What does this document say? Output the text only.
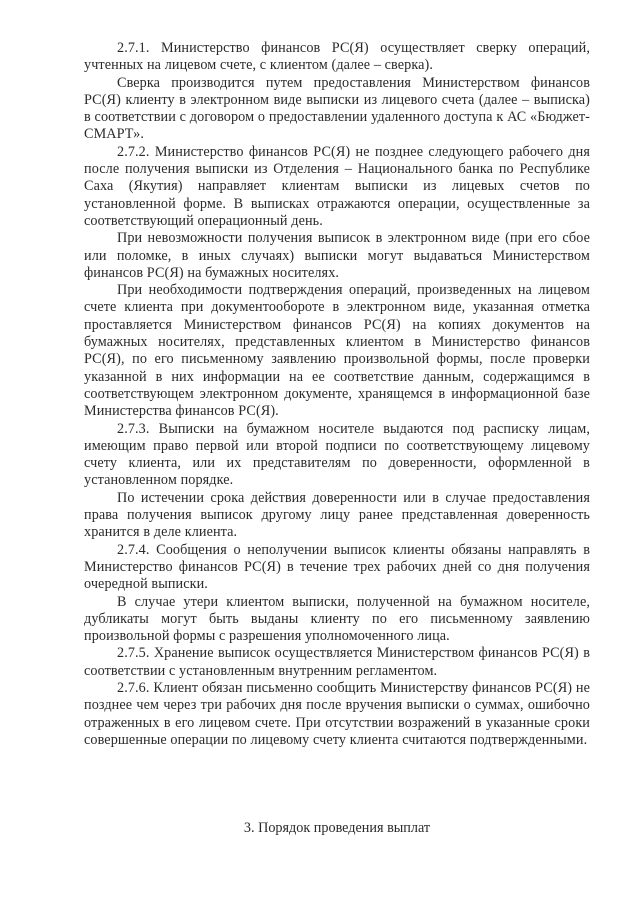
2.7.1. Министерство финансов РС(Я) осуществляет сверку операций, учтенных на лицевом счете, с клиентом (далее – сверка).

Сверка производится путем предоставления Министерством финансов РС(Я) клиенту в электронном виде выписки из лицевого счета (далее – выписка) в соответствии с договором о предоставлении удаленного доступа к АС «Бюджет-СМАРТ».

2.7.2. Министерство финансов РС(Я) не позднее следующего рабочего дня после получения выписки из Отделения – Национального банка по Республике Саха (Якутия) направляет клиентам выписки из лицевых счетов по установленной форме. В выписках отражаются операции, осуществленные за соответствующий операционный день.

При невозможности получения выписок в электронном виде (при его сбое или поломке, в иных случаях) выписки могут выдаваться Министерством финансов РС(Я) на бумажных носителях.

При необходимости подтверждения операций, произведенных на лицевом счете клиента при документообороте в электронном виде, указанная отметка проставляется Министерством финансов РС(Я) на копиях документов на бумажных носителях, представленных клиентом в Министерство финансов РС(Я), по его письменному заявлению произвольной формы, после проверки указанной в них информации на ее соответствие данным, содержащимся в соответствующем электронном документе, хранящемся в информационной базе Министерства финансов РС(Я).

2.7.3. Выписки на бумажном носителе выдаются под расписку лицам, имеющим право первой или второй подписи по соответствующему лицевому счету клиента, или их представителям по доверенности, оформленной в установленном порядке.

По истечении срока действия доверенности или в случае предоставления права получения выписок другому лицу ранее представленная доверенность хранится в деле клиента.

2.7.4. Сообщения о неполучении выписок клиенты обязаны направлять в Министерство финансов РС(Я) в течение трех рабочих дней со дня получения очередной выписки.

В случае утери клиентом выписки, полученной на бумажном носителе, дубликаты могут быть выданы клиенту по его письменному заявлению произвольной формы с разрешения уполномоченного лица.

2.7.5. Хранение выписок осуществляется Министерством финансов РС(Я) в соответствии с установленным внутренним регламентом.

2.7.6. Клиент обязан письменно сообщить Министерству финансов РС(Я) не позднее чем через три рабочих дня после вручения выписки о суммах, ошибочно отраженных в его лицевом счете. При отсутствии возражений в указанные сроки совершенные операции по лицевому счету клиента считаются подтвержденными.

3. Порядок проведения выплат
